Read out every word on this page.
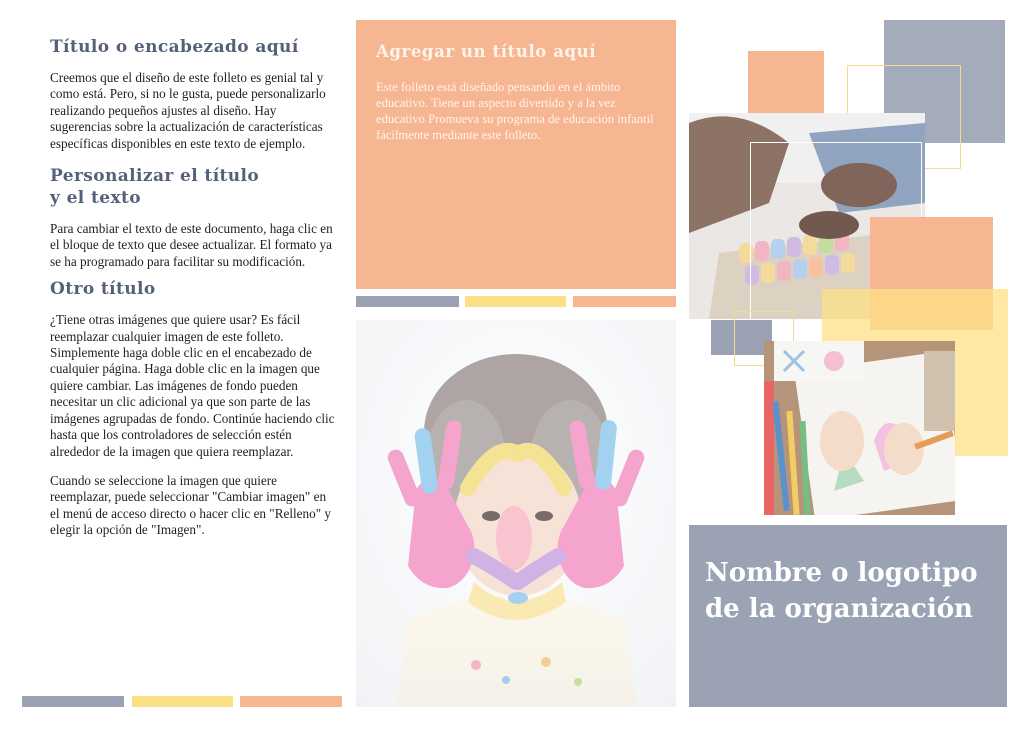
Título o encabezado aquí

Creemos que el diseño de este folleto es genial tal y como está. Pero, si no le gusta, puede personalizarlo realizando pequeños ajustes al diseño. Hay sugerencias sobre la actualización de características específicas disponibles en este texto de ejemplo.

Personalizar el título
y el texto

Para cambiar el texto de este documento, haga clic en el bloque de texto que desee actualizar. El formato ya se ha programado para facilitar su modificación.

Otro título

¿Tiene otras imágenes que quiere usar? Es fácil reemplazar cualquier imagen de este folleto. Simplemente haga doble clic en el encabezado de cualquier página. Haga doble clic en la imagen que quiere cambiar. Las imágenes de fondo pueden necesitar un clic adicional ya que son parte de las imágenes agrupadas de fondo. Continúe haciendo clic hasta que los controladores de selección estén alrededor de la imagen que quiera reemplazar.

Cuando se seleccione la imagen que quiere reemplazar, puede seleccionar "Cambiar imagen" en el menú de acceso directo o hacer clic en "Relleno" y elegir la opción de "Imagen".

Agregar un título aquí

Este folleto está diseñado pensando en el ámbito educativo. Tiene un aspecto divertido y a la vez educativo Promueva su programa de educación infantil fácilmente mediante este folleto.

Nombre o logotipo
de la organización
